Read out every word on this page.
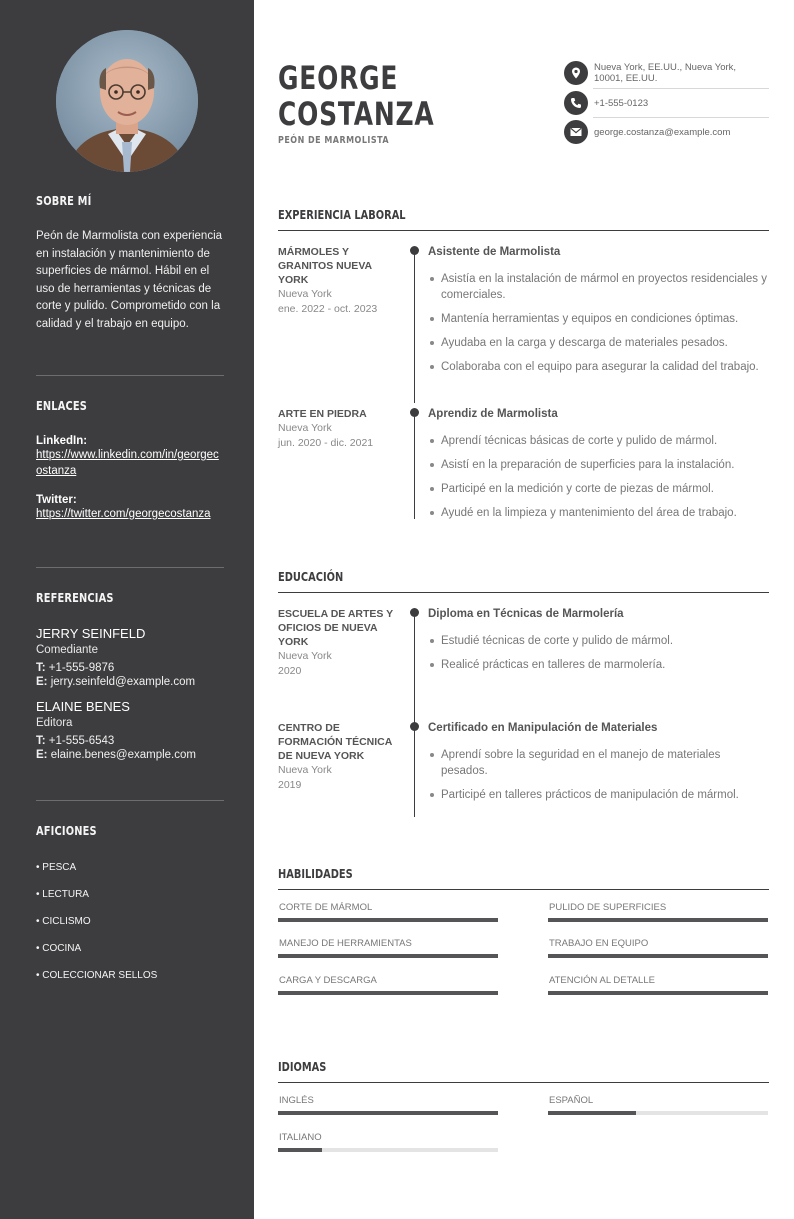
SOBRE MÍ
Peón de Marmolista con experiencia en instalación y mantenimiento de superficies de mármol. Hábil en el uso de herramientas y técnicas de corte y pulido. Comprometido con la calidad y el trabajo en equipo.
ENLACES
LinkedIn:
https://www.linkedin.com/in/georgecostanza
Twitter:
https://twitter.com/georgecostanza
REFERENCIAS
JERRY SEINFELD
Comediante
T: +1-555-9876
E: jerry.seinfeld@example.com
ELAINE BENES
Editora
T: +1-555-6543
E: elaine.benes@example.com
AFICIONES
• PESCA
• LECTURA
• CICLISMO
• COCINA
• COLECCIONAR SELLOS
GEORGE
COSTANZA
PEÓN DE MARMOLISTA
Nueva York, EE.UU., Nueva York, 10001, EE.UU.
+1-555-0123
george.costanza@example.com
EXPERIENCIA LABORAL
MÁRMOLES Y GRANITOS NUEVA YORK
Nueva York
ene. 2022 - oct. 2023
Asistente de Marmolista
Asistía en la instalación de mármol en proyectos residenciales y comerciales.
Mantenía herramientas y equipos en condiciones óptimas.
Ayudaba en la carga y descarga de materiales pesados.
Colaboraba con el equipo para asegurar la calidad del trabajo.
ARTE EN PIEDRA
Nueva York
jun. 2020 - dic. 2021
Aprendiz de Marmolista
Aprendí técnicas básicas de corte y pulido de mármol.
Asistí en la preparación de superficies para la instalación.
Participé en la medición y corte de piezas de mármol.
Ayudé en la limpieza y mantenimiento del área de trabajo.
EDUCACIÓN
ESCUELA DE ARTES Y OFICIOS DE NUEVA YORK
Nueva York
2020
Diploma en Técnicas de Marmolería
Estudié técnicas de corte y pulido de mármol.
Realicé prácticas en talleres de marmolería.
CENTRO DE FORMACIÓN TÉCNICA DE NUEVA YORK
Nueva York
2019
Certificado en Manipulación de Materiales
Aprendí sobre la seguridad en el manejo de materiales pesados.
Participé en talleres prácticos de manipulación de mármol.
HABILIDADES
CORTE DE MÁRMOL	PULIDO DE SUPERFICIES
MANEJO DE HERRAMIENTAS	TRABAJO EN EQUIPO
CARGA Y DESCARGA	ATENCIÓN AL DETALLE
IDIOMAS
INGLÉS	ESPAÑOL
ITALIANO
